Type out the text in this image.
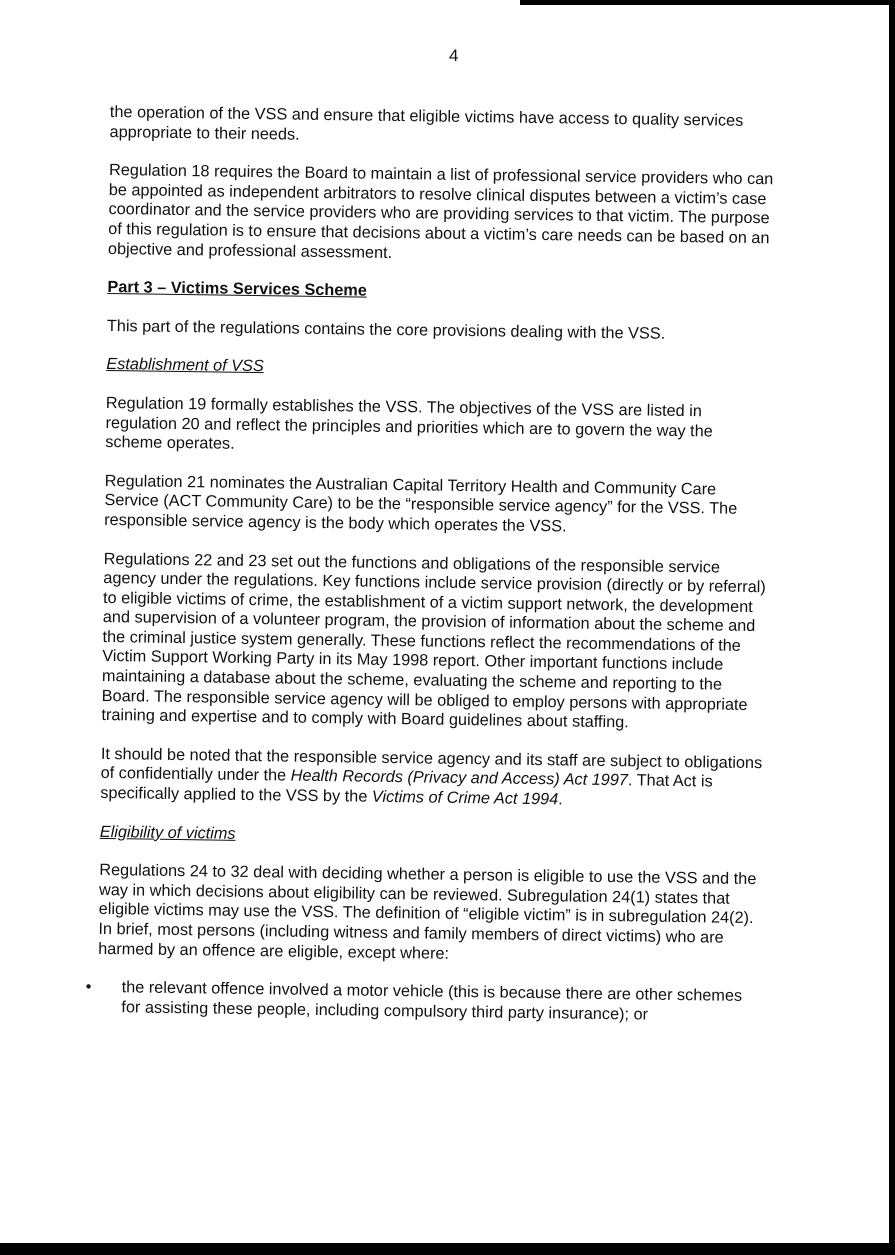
4

the operation of the VSS and ensure that eligible victims have access to quality services appropriate to their needs.

Regulation 18 requires the Board to maintain a list of professional service providers who can be appointed as independent arbitrators to resolve clinical disputes between a victim’s case coordinator and the service providers who are providing services to that victim. The purpose of this regulation is to ensure that decisions about a victim’s care needs can be based on an objective and professional assessment.

Part 3 – Victims Services Scheme

This part of the regulations contains the core provisions dealing with the VSS.

Establishment of VSS

Regulation 19 formally establishes the VSS. The objectives of the VSS are listed in regulation 20 and reflect the principles and priorities which are to govern the way the scheme operates.

Regulation 21 nominates the Australian Capital Territory Health and Community Care Service (ACT Community Care) to be the “responsible service agency” for the VSS. The responsible service agency is the body which operates the VSS.

Regulations 22 and 23 set out the functions and obligations of the responsible service agency under the regulations. Key functions include service provision (directly or by referral) to eligible victims of crime, the establishment of a victim support network, the development and supervision of a volunteer program, the provision of information about the scheme and the criminal justice system generally. These functions reflect the recommendations of the Victim Support Working Party in its May 1998 report. Other important functions include maintaining a database about the scheme, evaluating the scheme and reporting to the Board. The responsible service agency will be obliged to employ persons with appropriate training and expertise and to comply with Board guidelines about staffing.

It should be noted that the responsible service agency and its staff are subject to obligations of confidentially under the Health Records (Privacy and Access) Act 1997. That Act is specifically applied to the VSS by the Victims of Crime Act 1994.

Eligibility of victims

Regulations 24 to 32 deal with deciding whether a person is eligible to use the VSS and the way in which decisions about eligibility can be reviewed. Subregulation 24(1) states that eligible victims may use the VSS. The definition of “eligible victim” is in subregulation 24(2). In brief, most persons (including witness and family members of direct victims) who are harmed by an offence are eligible, except where:

• the relevant offence involved a motor vehicle (this is because there are other schemes for assisting these people, including compulsory third party insurance); or
